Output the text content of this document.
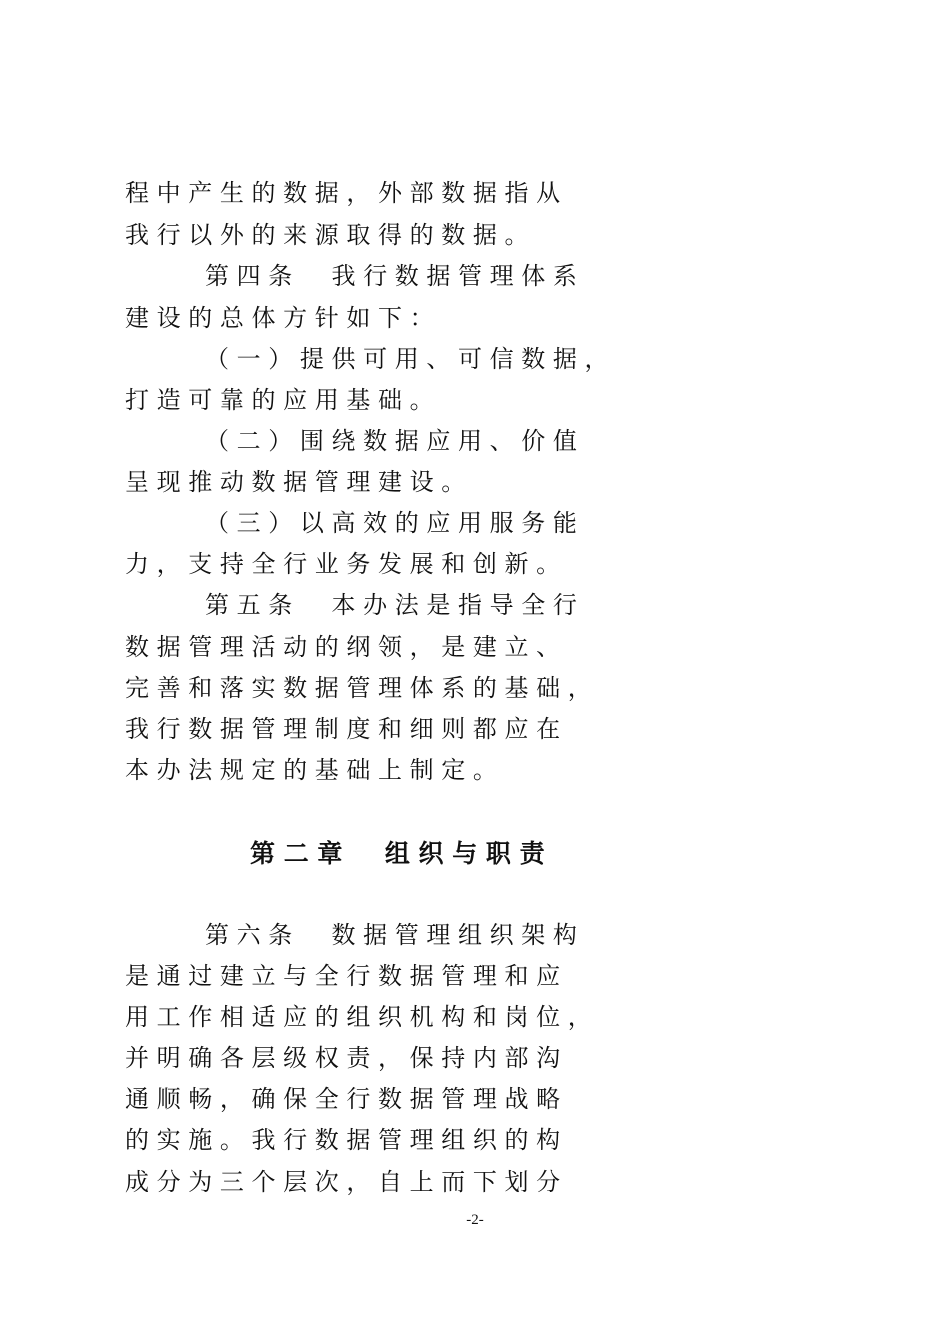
程 中 产 生 的 数 据 ， 外 部 数 据 指 从
我 行 以 外 的 来 源 取 得 的 数 据 。
第 四 条 　 我 行 数 据 管 理 体 系
建 设 的 总 体 方 针 如 下 ：
（ 一 ） 提 供 可 用 、 可 信 数 据 ，
打 造 可 靠 的 应 用 基 础 。
（ 二 ） 围 绕 数 据 应 用 、 价 值
呈 现 推 动 数 据 管 理 建 设 。
（ 三 ） 以 高 效 的 应 用 服 务 能
力 ， 支 持 全 行 业 务 发 展 和 创 新 。
第 五 条 　 本 办 法 是 指 导 全 行
数 据 管 理 活 动 的 纲 领 ， 是 建 立 、
完 善 和 落 实 数 据 管 理 体 系 的 基 础 ，
我 行 数 据 管 理 制 度 和 细 则 都 应 在
本 办 法 规 定 的 基 础 上 制 定 。
第 二 章 　 组 织 与 职 责
第 六 条 　 数 据 管 理 组 织 架 构
是 通 过 建 立 与 全 行 数 据 管 理 和 应
用 工 作 相 适 应 的 组 织 机 构 和 岗 位 ，
并 明 确 各 层 级 权 责 ， 保 持 内 部 沟
通 顺 畅 ， 确 保 全 行 数 据 管 理 战 略
的 实 施 。 我 行 数 据 管 理 组 织 的 构
成 分 为 三 个 层 次 ， 自 上 而 下 划 分
-2-
